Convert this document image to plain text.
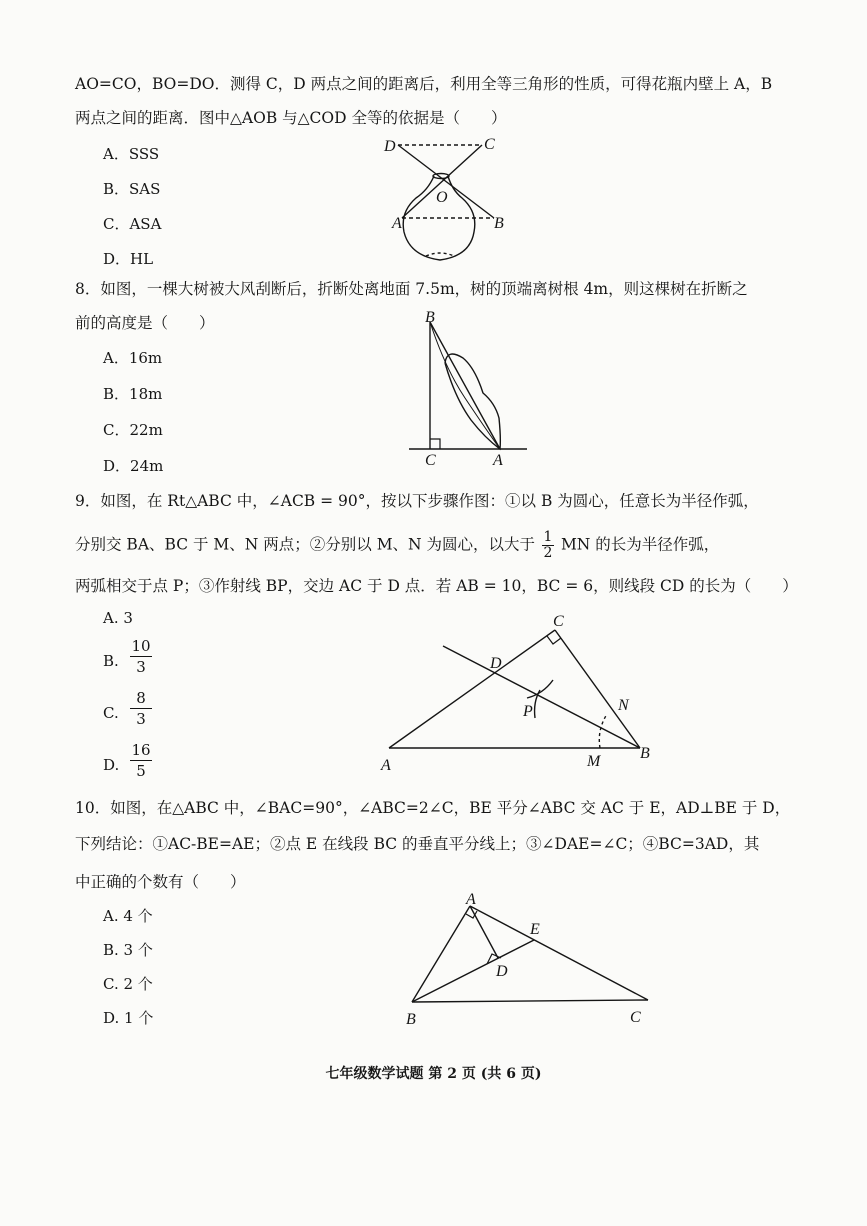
AO=CO，BO=DO．测得 C，D 两点之间的距离后，利用全等三角形的性质，可得花瓶内壁上 A，B
两点之间的距离．图中△AOB 与△COD 全等的依据是（　　）
A．SSS
B．SAS
C．ASA
D．HL
D	C
O
A	B
8．如图，一棵大树被大风刮断后，折断处离地面 7.5m，树的顶端离树根 4m，则这棵树在折断之
前的高度是（　　）
A．16m
B．18m
C．22m
D．24m
B
C	A
9．如图，在 Rt△ABC 中，∠ACB = 90°，按以下步骤作图：①以 B 为圆心，任意长为半径作弧，
分别交 BA、BC 于 M、N 两点；②分别以 M、N 为圆心，以大于 $\frac{1}{2}$ MN 的长为半径作弧，
两弧相交于点 P；③作射线 BP，交边 AC 于 D 点．若 AB = 10，BC = 6，则线段 CD 的长为（　　）
A. 3
B.
10
3
C.
8
3
D.
16
5
D
C
P	N
A	M B
10．如图，在△ABC 中，∠BAC=90°，∠ABC=2∠C，BE 平分∠ABC 交 AC 于 E，AD⊥BE 于 D，
下列结论：①AC-BE=AE；②点 E 在线段 BC 的垂直平分线上；③∠DAE=∠C；④BC=3AD，其
中正确的个数有（　　）
A. 4 个
B. 3 个
C. 2 个
D. 1 个
A
E
D
B	C
七年级数学试题 第 2 页 (共 6 页)
